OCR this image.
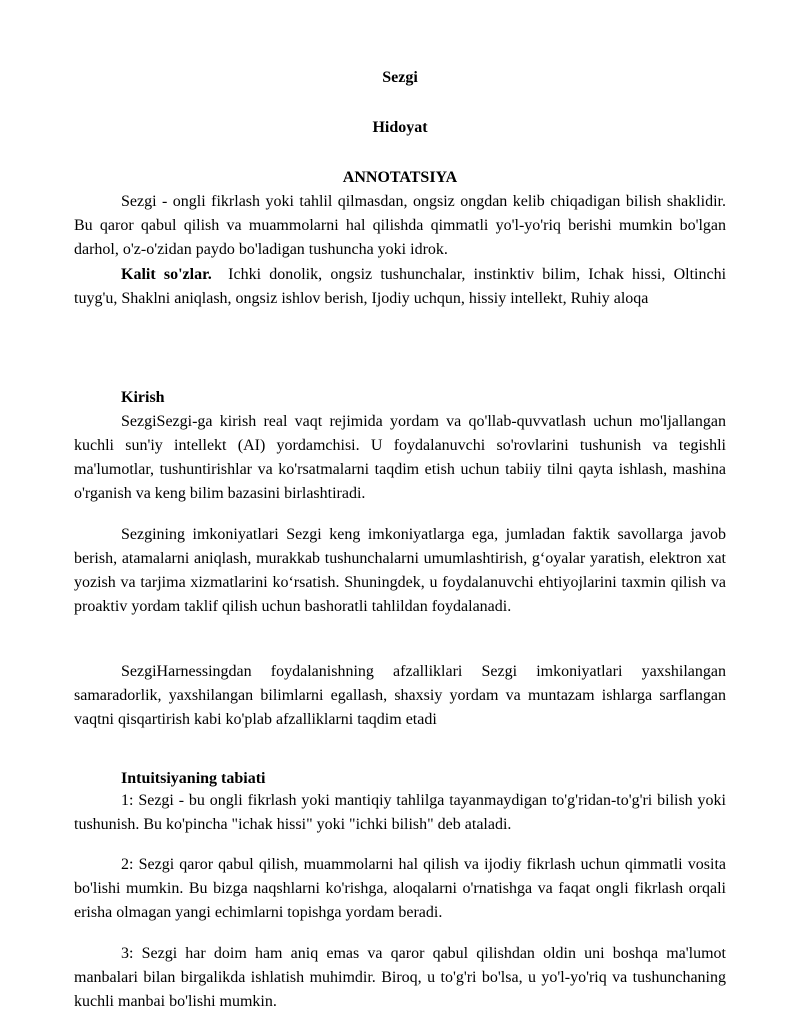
Sezgi
Hidoyat
ANNOTATSIYA
Sezgi - ongli fikrlash yoki tahlil qilmasdan, ongsiz ongdan kelib chiqadigan bilish shaklidir. Bu qaror qabul qilish va muammolarni hal qilishda qimmatli yo'l-yo'riq berishi mumkin bo'lgan darhol, o'z-o'zidan paydo bo'ladigan tushuncha yoki idrok.
Kalit so'zlar. Ichki donolik, ongsiz tushunchalar, instinktiv bilim, Ichak hissi, Oltinchi tuyg'u, Shaklni aniqlash, ongsiz ishlov berish, Ijodiy uchqun, hissiy intellekt, Ruhiy aloqa
Kirish
SezgiSezgi-ga kirish real vaqt rejimida yordam va qo'llab-quvvatlash uchun mo'ljallangan kuchli sun'iy intellekt (AI) yordamchisi. U foydalanuvchi so'rovlarini tushunish va tegishli ma'lumotlar, tushuntirishlar va ko'rsatmalarni taqdim etish uchun tabiiy tilni qayta ishlash, mashina o'rganish va keng bilim bazasini birlashtiradi.
Sezgining imkoniyatlari Sezgi keng imkoniyatlarga ega, jumladan faktik savollarga javob berish, atamalarni aniqlash, murakkab tushunchalarni umumlashtirish, g‘oyalar yaratish, elektron xat yozish va tarjima xizmatlarini ko‘rsatish. Shuningdek, u foydalanuvchi ehtiyojlarini taxmin qilish va proaktiv yordam taklif qilish uchun bashoratli tahlildan foydalanadi.
SezgiHarnessingdan foydalanishning afzalliklari Sezgi imkoniyatlari yaxshilangan samaradorlik, yaxshilangan bilimlarni egallash, shaxsiy yordam va muntazam ishlarga sarflangan vaqtni qisqartirish kabi ko'plab afzalliklarni taqdim etadi
Intuitsiyaning tabiati
1: Sezgi - bu ongli fikrlash yoki mantiqiy tahlilga tayanmaydigan to'g'ridan-to'g'ri bilish yoki tushunish. Bu ko'pincha "ichak hissi" yoki "ichki bilish" deb ataladi.
2: Sezgi qaror qabul qilish, muammolarni hal qilish va ijodiy fikrlash uchun qimmatli vosita bo'lishi mumkin. Bu bizga naqshlarni ko'rishga, aloqalarni o'rnatishga va faqat ongli fikrlash orqali erisha olmagan yangi echimlarni topishga yordam beradi.
3: Sezgi har doim ham aniq emas va qaror qabul qilishdan oldin uni boshqa ma'lumot manbalari bilan birgalikda ishlatish muhimdir. Biroq, u to'g'ri bo'lsa, u yo'l-yo'riq va tushunchaning kuchli manbai bo'lishi mumkin.
